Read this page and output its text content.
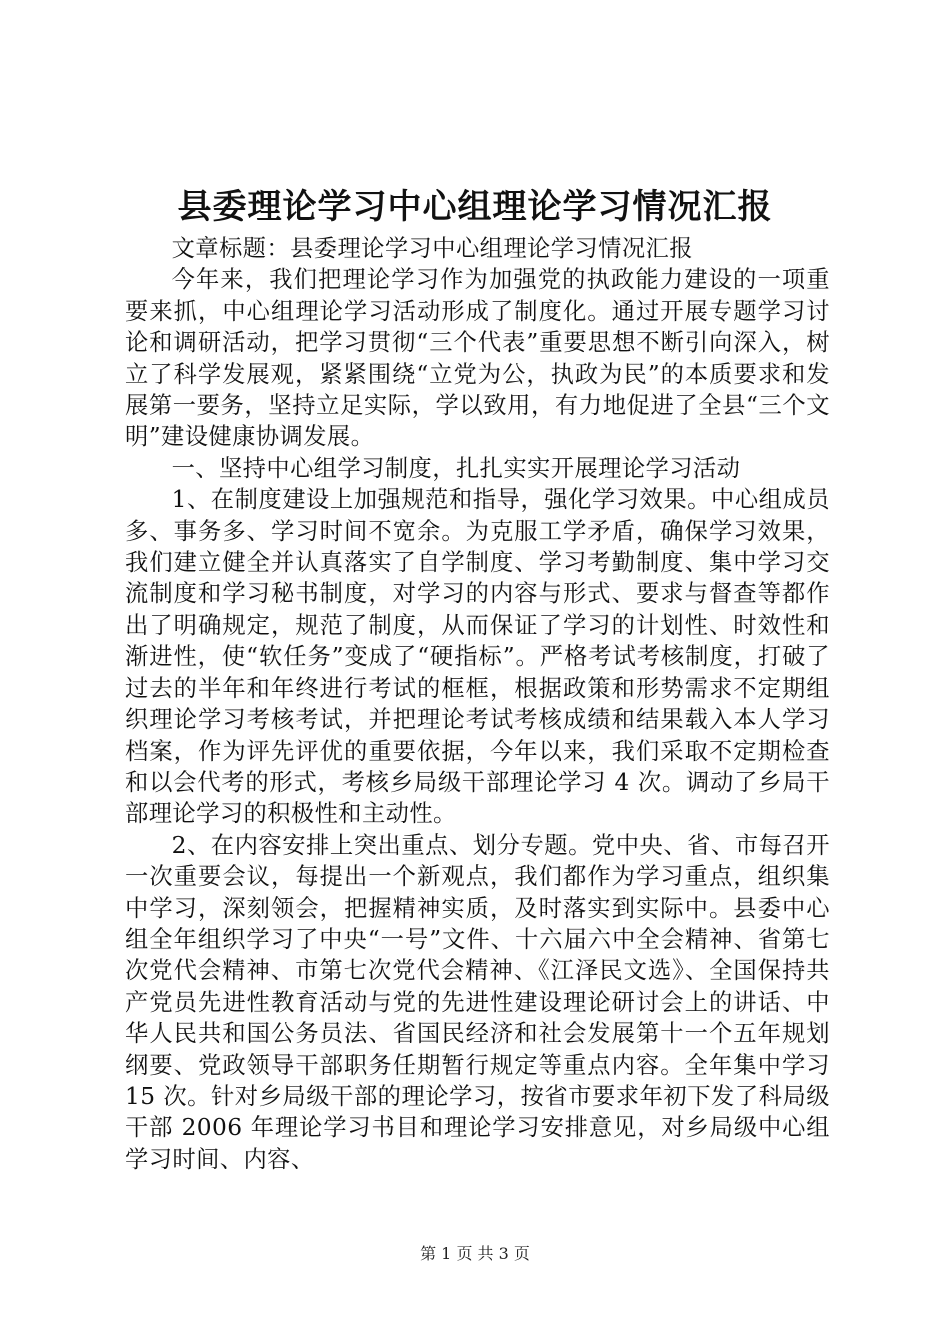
县委理论学习中心组理论学习情况汇报

文章标题：县委理论学习中心组理论学习情况汇报

今年来，我们把理论学习作为加强党的执政能力建设的一项重要来抓，中心组理论学习活动形成了制度化。通过开展专题学习讨论和调研活动，把学习贯彻“三个代表”重要思想不断引向深入，树立了科学发展观，紧紧围绕“立党为公，执政为民”的本质要求和发展第一要务，坚持立足实际，学以致用，有力地促进了全县“三个文明”建设健康协调发展。

一、坚持中心组学习制度，扎扎实实开展理论学习活动

1、在制度建设上加强规范和指导，强化学习效果。中心组成员多、事务多、学习时间不宽余。为克服工学矛盾，确保学习效果，我们建立健全并认真落实了自学制度、学习考勤制度、集中学习交流制度和学习秘书制度，对学习的内容与形式、要求与督查等都作出了明确规定，规范了制度，从而保证了学习的计划性、时效性和渐进性，使“软任务”变成了“硬指标”。严格考试考核制度，打破了过去的半年和年终进行考试的框框，根据政策和形势需求不定期组织理论学习考核考试，并把理论考试考核成绩和结果载入本人学习档案，作为评先评优的重要依据，今年以来，我们采取不定期检查和以会代考的形式，考核乡局级干部理论学习 4 次。调动了乡局干部理论学习的积极性和主动性。

2、在内容安排上突出重点、划分专题。党中央、省、市每召开一次重要会议，每提出一个新观点，我们都作为学习重点，组织集中学习，深刻领会，把握精神实质，及时落实到实际中。县委中心组全年组织学习了中央“一号”文件、十六届六中全会精神、省第七次党代会精神、市第七次党代会精神、《江泽民文选》、全国保持共产党员先进性教育活动与党的先进性建设理论研讨会上的讲话、中华人民共和国公务员法、省国民经济和社会发展第十一个五年规划纲要、党政领导干部职务任期暂行规定等重点内容。全年集中学习 15 次。针对乡局级干部的理论学习，按省市要求年初下发了科局级干部 2006 年理论学习书目和理论学习安排意见，对乡局级中心组学习时间、内容、

第 1 页 共 3 页
